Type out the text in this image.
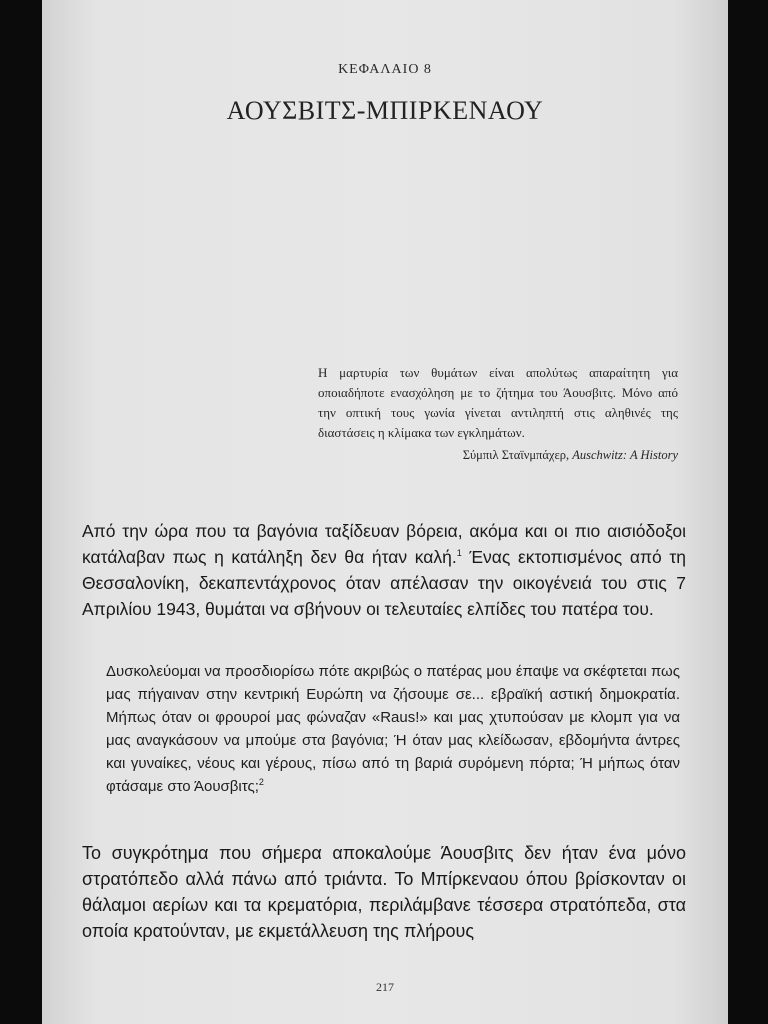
ΚΕΦΑΛΑΙΟ 8
ΑΟΥΣΒΙΤΣ-ΜΠΙΡΚΕΝΑΟΥ
Η μαρτυρία των θυμάτων είναι απολύτως απαραίτητη για οποιαδήποτε ενασχόληση με το ζήτημα του Άουσβιτς. Μόνο από την οπτική τους γωνία γίνεται αντιληπτή στις αληθινές της διαστάσεις η κλίμακα των εγκλημάτων.
Σύμπιλ Σταϊνμπάχερ, Auschwitz: A History
Από την ώρα που τα βαγόνια ταξίδευαν βόρεια, ακόμα και οι πιο αισιόδοξοι κατάλαβαν πως η κατάληξη δεν θα ήταν καλή.$^1$ Ένας εκτοπισμένος από τη Θεσσαλονίκη, δεκαπεντάχρονος όταν απέλασαν την οικογένειά του στις 7 Απριλίου 1943, θυμάται να σβήνουν οι τελευταίες ελπίδες του πατέρα του.
Δυσκολεύομαι να προσδιορίσω πότε ακριβώς ο πατέρας μου έπαψε να σκέφτεται πως μας πήγαιναν στην κεντρική Ευρώπη να ζήσουμε σε... εβραϊκή αστική δημοκρατία. Μήπως όταν οι φρουροί μας φώναζαν «Raus!» και μας χτυπούσαν με κλομπ για να μας αναγκάσουν να μπούμε στα βαγόνια; Ή όταν μας κλείδωσαν, εβδομήντα άντρες και γυναίκες, νέους και γέρους, πίσω από τη βαριά συρόμενη πόρτα; Ή μήπως όταν φτάσαμε στο Άουσβιτς;$^2$
Το συγκρότημα που σήμερα αποκαλούμε Άουσβιτς δεν ήταν ένα μόνο στρατόπεδο αλλά πάνω από τριάντα. Το Μπίρκεναου όπου βρίσκονταν οι θάλαμοι αερίων και τα κρεματόρια, περιλάμβανε τέσσερα στρατόπεδα, στα οποία κρατούνταν, με εκμετάλλευση της πλήρους
217
